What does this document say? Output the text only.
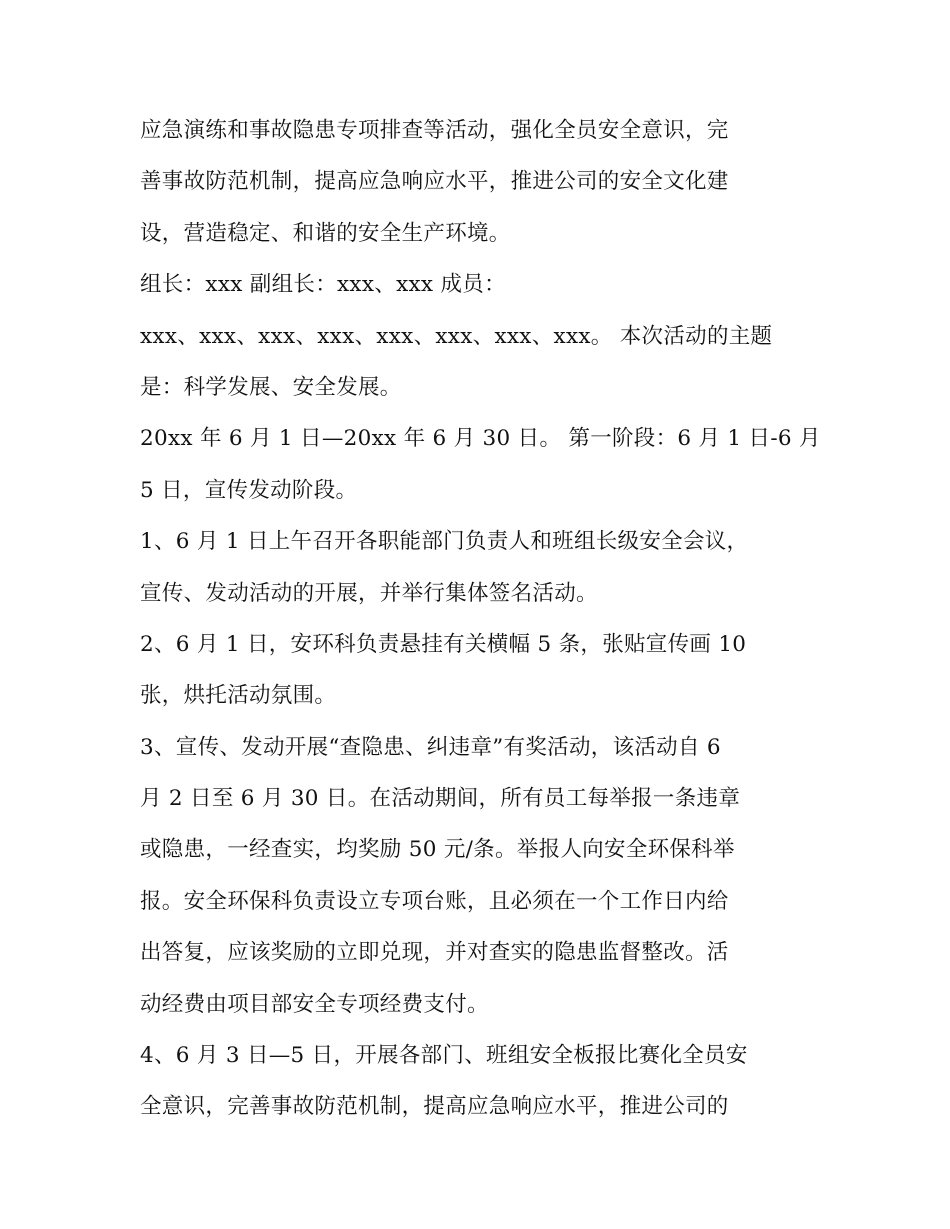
应急演练和事故隐患专项排查等活动，强化全员安全意识，完
善事故防范机制，提高应急响应水平，推进公司的安全文化建
设，营造稳定、和谐的安全生产环境。
组长：xxx 副组长：xxx、xxx 成员：
xxx、xxx、xxx、xxx、xxx、xxx、xxx、xxx。 本次活动的主题
是：科学发展、安全发展。
20xx 年 6 月 1 日—20xx 年 6 月 30 日。 第一阶段：6 月 1 日-6 月
5 日，宣传发动阶段。
1、6 月 1 日上午召开各职能部门负责人和班组长级安全会议，
宣传、发动活动的开展，并举行集体签名活动。
2、6 月 1 日，安环科负责悬挂有关横幅 5 条，张贴宣传画 10
张，烘托活动氛围。
3、宣传、发动开展“查隐患、纠违章”有奖活动，该活动自 6
月 2 日至 6 月 30 日。在活动期间，所有员工每举报一条违章
或隐患，一经查实，均奖励 50 元/条。举报人向安全环保科举
报。安全环保科负责设立专项台账，且必须在一个工作日内给
出答复，应该奖励的立即兑现，并对查实的隐患监督整改。活
动经费由项目部安全专项经费支付。
4、6 月 3 日—5 日，开展各部门、班组安全板报比赛化全员安
全意识，完善事故防范机制，提高应急响应水平，推进公司的
